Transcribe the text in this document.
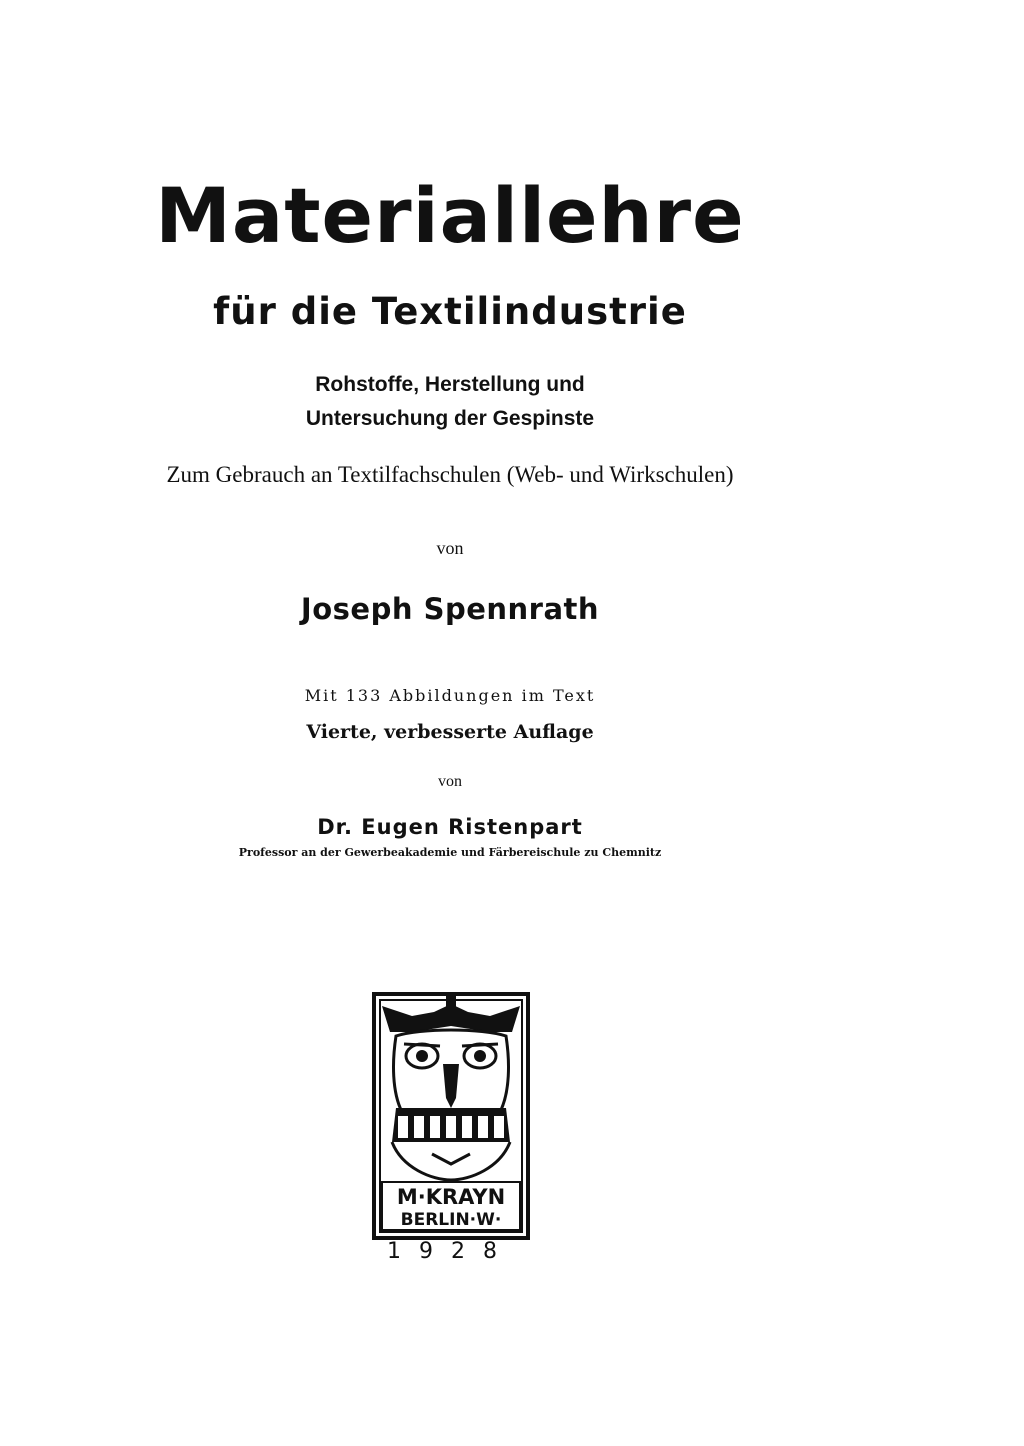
Materiallehre
für die Textilindustrie
Rohstoffe, Herstellung und
Untersuchung der Gespinste
Zum Gebrauch an Textilfachschulen (Web- und Wirkschulen)
von
Joseph Spennrath
Mit 133 Abbildungen im Text
Vierte, verbesserte Auflage
von
Dr. Eugen Ristenpart
Professor an der Gewerbeakademie und Färbereischule zu Chemnitz
M·KRAYN
BERLIN·W·
1928
